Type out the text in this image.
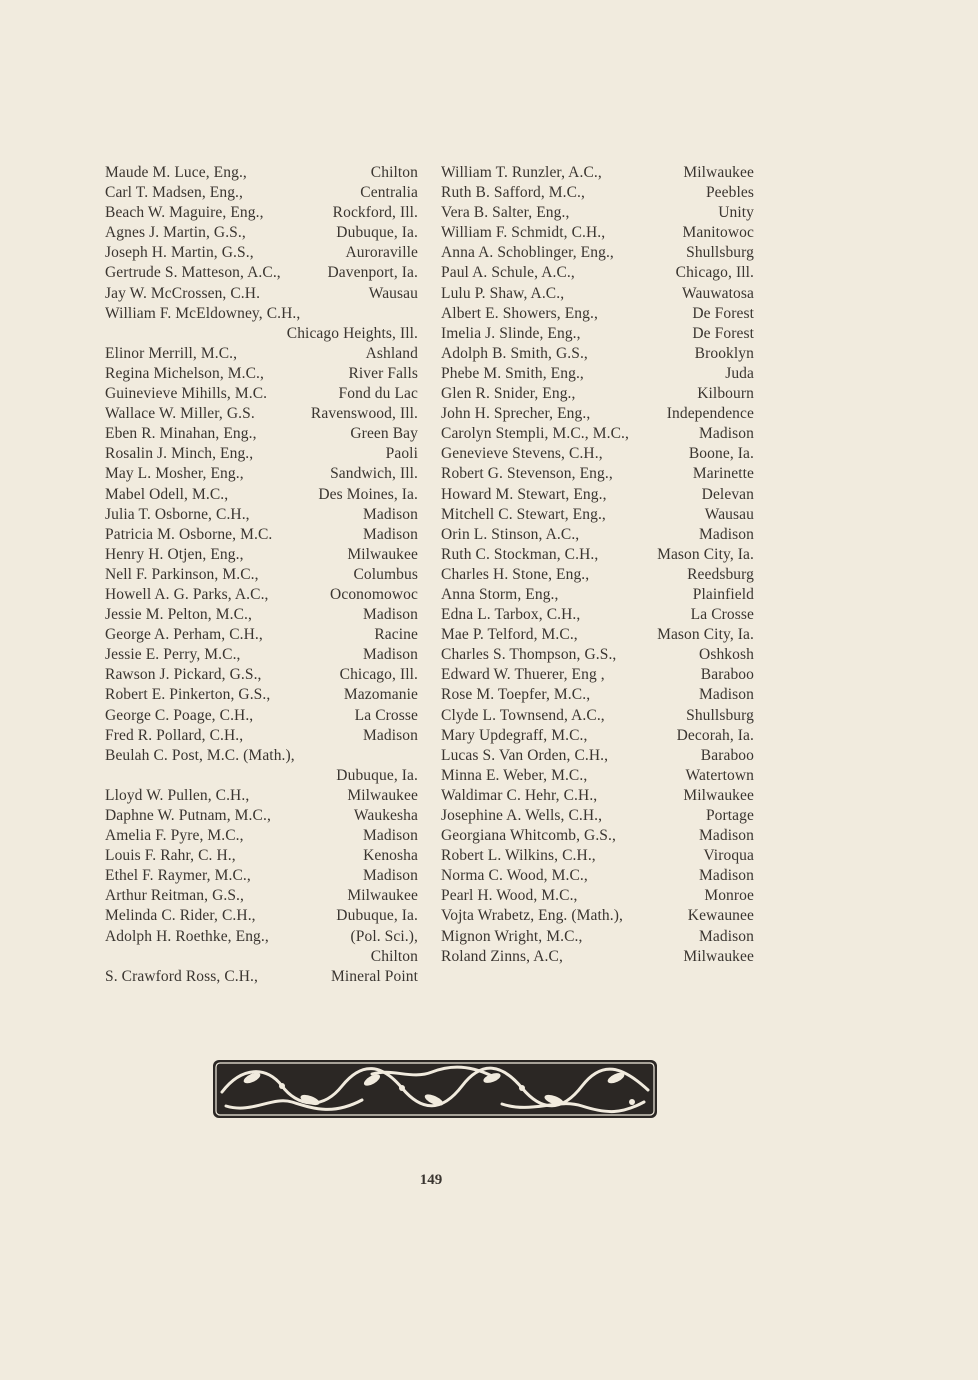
Maude M. Luce, Eng.,	Chilton
Carl T. Madsen, Eng.,	Centralia
Beach W. Maguire, Eng.,	Rockford, Ill.
Agnes J. Martin, G.S.,	Dubuque, Ia.
Joseph H. Martin, G.S.,	Auroraville
Gertrude S. Matteson, A.C.,	Davenport, Ia.
Jay W. McCrossen, C.H.	Wausau
William F. McEldowney, C.H.,
Chicago Heights, Ill.
Elinor Merrill, M.C.,	Ashland
Regina Michelson, M.C.,	River Falls
Guinevieve Mihills, M.C.	Fond du Lac
Wallace W. Miller, G.S.	Ravenswood, Ill.
Eben R. Minahan, Eng.,	Green Bay
Rosalin J. Minch, Eng.,	Paoli
May L. Mosher, Eng.,	Sandwich, Ill.
Mabel Odell, M.C.,	Des Moines, Ia.
Julia T. Osborne, C.H.,	Madison
Patricia M. Osborne, M.C.	Madison
Henry H. Otjen, Eng.,	Milwaukee
Nell F. Parkinson, M.C.,	Columbus
Howell A. G. Parks, A.C.,	Oconomowoc
Jessie M. Pelton, M.C.,	Madison
George A. Perham, C.H.,	Racine
Jessie E. Perry, M.C.,	Madison
Rawson J. Pickard, G.S.,	Chicago, Ill.
Robert E. Pinkerton, G.S.,	Mazomanie
George C. Poage, C.H.,	La Crosse
Fred R. Pollard, C.H.,	Madison
Beulah C. Post, M.C. (Math.),
Dubuque, Ia.
Lloyd W. Pullen, C.H.,	Milwaukee
Daphne W. Putnam, M.C.,	Waukesha
Amelia F. Pyre, M.C.,	Madison
Louis F. Rahr, C. H.,	Kenosha
Ethel F. Raymer, M.C.,	Madison
Arthur Reitman, G.S.,	Milwaukee
Melinda C. Rider, C.H.,	Dubuque, Ia.
Adolph H. Roethke, Eng.,	(Pol. Sci.),
Chilton
S. Crawford Ross, C.H.,	Mineral Point
William T. Runzler, A.C.,	Milwaukee
Ruth B. Safford, M.C.,	Peebles
Vera B. Salter, Eng.,	Unity
William F. Schmidt, C.H.,	Manitowoc
Anna A. Schoblinger, Eng.,	Shullsburg
Paul A. Schule, A.C.,	Chicago, Ill.
Lulu P. Shaw, A.C.,	Wauwatosa
Albert E. Showers, Eng.,	De Forest
Imelia J. Slinde, Eng.,	De Forest
Adolph B. Smith, G.S.,	Brooklyn
Phebe M. Smith, Eng.,	Juda
Glen R. Snider, Eng.,	Kilbourn
John H. Sprecher, Eng.,	Independence
Carolyn Stempli, M.C., M.C.,	Madison
Genevieve Stevens, C.H.,	Boone, Ia.
Robert G. Stevenson, Eng.,	Marinette
Howard M. Stewart, Eng.,	Delevan
Mitchell C. Stewart, Eng.,	Wausau
Orin L. Stinson, A.C.,	Madison
Ruth C. Stockman, C.H.,	Mason City, Ia.
Charles H. Stone, Eng.,	Reedsburg
Anna Storm, Eng.,	Plainfield
Edna L. Tarbox, C.H.,	La Crosse
Mae P. Telford, M.C.,	Mason City, Ia.
Charles S. Thompson, G.S.,	Oshkosh
Edward W. Thuerer, Eng ,	Baraboo
Rose M. Toepfer, M.C.,	Madison
Clyde L. Townsend, A.C.,	Shullsburg
Mary Updegraff, M.C.,	Decorah, Ia.
Lucas S. Van Orden, C.H.,	Baraboo
Minna E. Weber, M.C.,	Watertown
Waldimar C. Hehr, C.H.,	Milwaukee
Josephine A. Wells, C.H.,	Portage
Georgiana Whitcomb, G.S.,	Madison
Robert L. Wilkins, C.H.,	Viroqua
Norma C. Wood, M.C.,	Madison
Pearl H. Wood, M.C.,	Monroe
Vojta Wrabetz, Eng. (Math.),	Kewaunee
Mignon Wright, M.C.,	Madison
Roland Zinns, A.C,	Milwaukee
149
